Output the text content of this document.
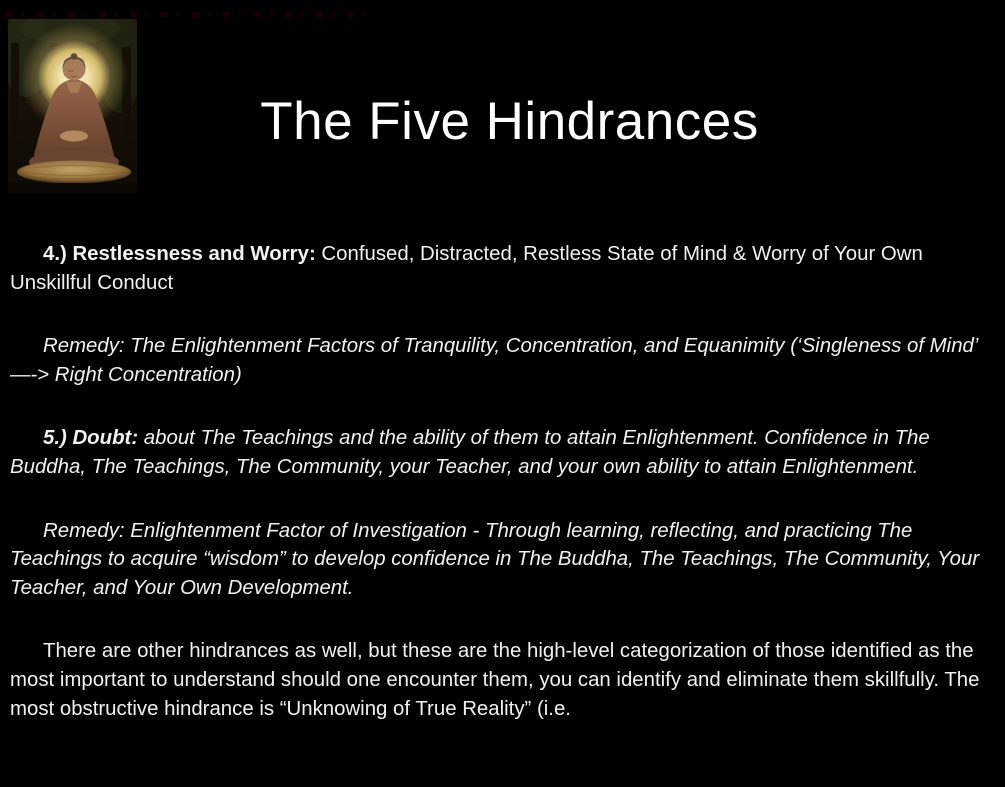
The Five Hindrances

4.) Restlessness and Worry: Confused, Distracted, Restless State of Mind & Worry of Your Own Unskillful Conduct

Remedy: The Enlightenment Factors of Tranquility, Concentration, and Equanimity (‘Singleness of Mind’ —-> Right Concentration)

5.) Doubt: about The Teachings and the ability of them to attain Enlightenment. Confidence in The Buddha, The Teachings, The Community, your Teacher, and your own ability to attain Enlightenment.

Remedy: Enlightenment Factor of Investigation - Through learning, reflecting, and practicing The Teachings to acquire “wisdom” to develop confidence in The Buddha, The Teachings, The Community, Your Teacher, and Your Own Development.

There are other hindrances as well, but these are the high-level categorization of those identified as the most important to understand should one encounter them, you can identify and eliminate them skillfully. The most obstructive hindrance is “Unknowing of True Reality” (i.e.
